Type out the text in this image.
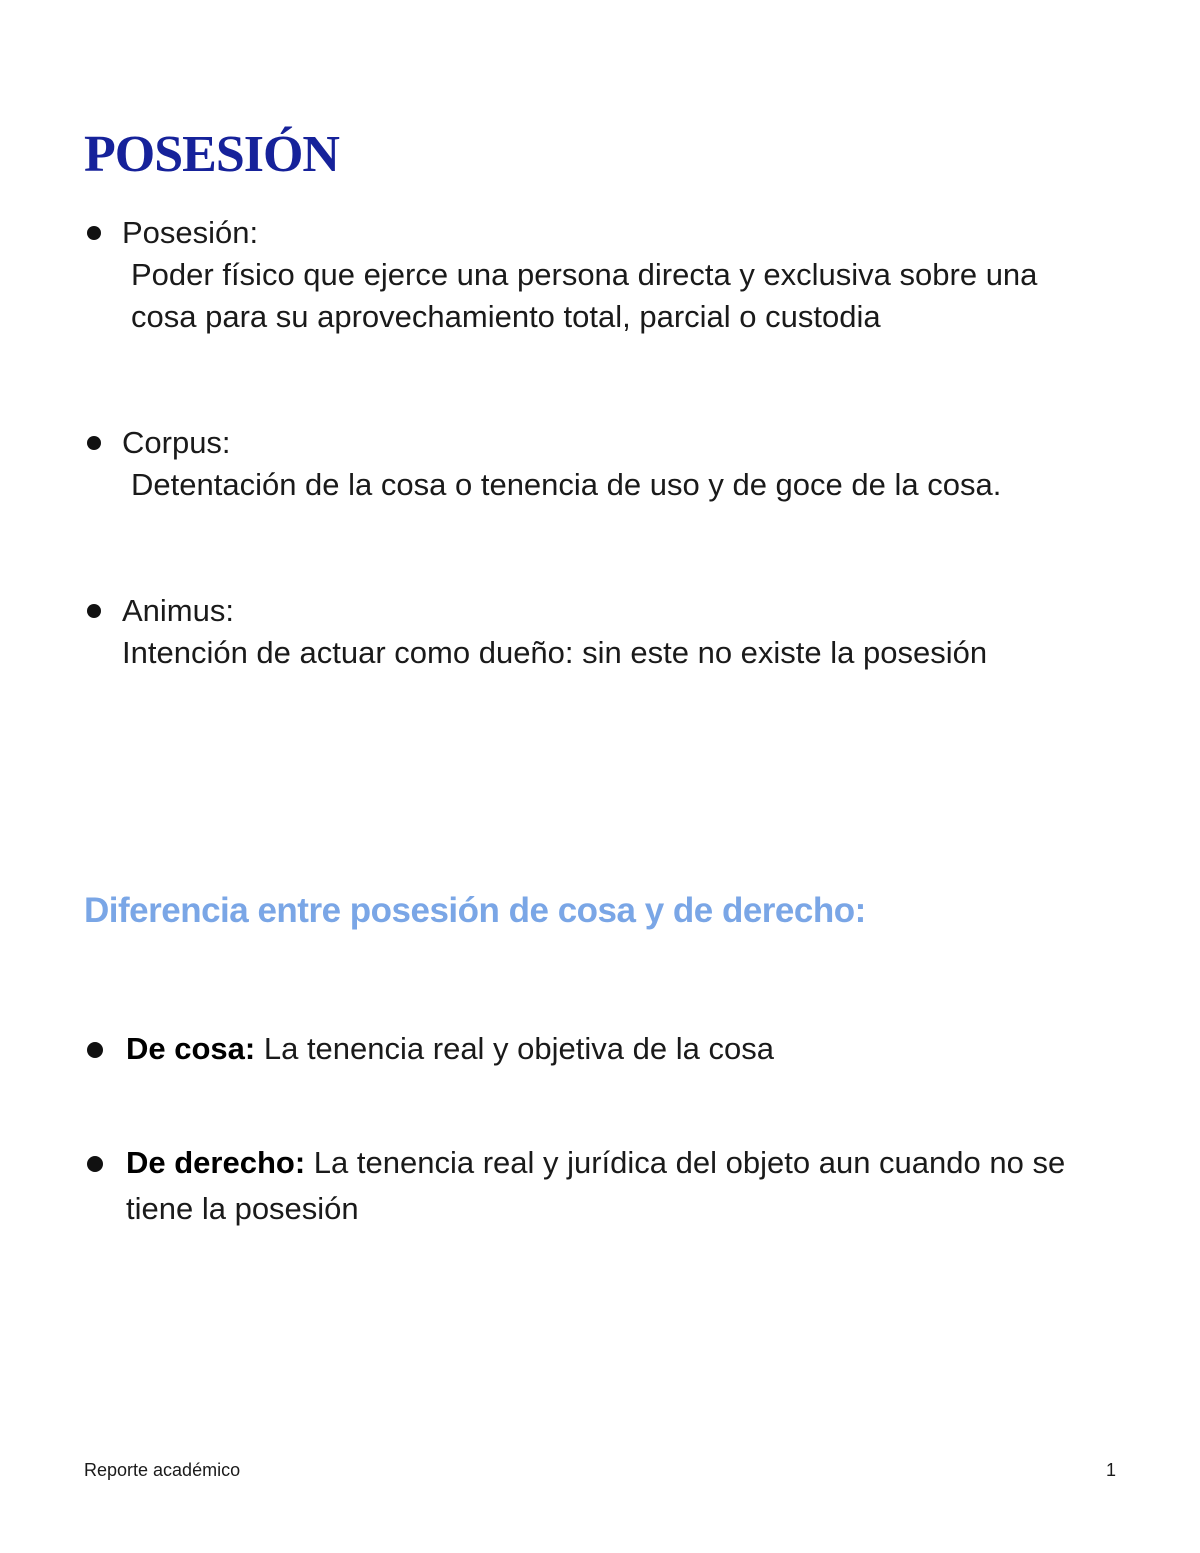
POSESIÓN
Posesión:
Poder físico que ejerce una persona directa y exclusiva sobre una cosa para su aprovechamiento total, parcial o custodia
Corpus:
Detentación de la cosa o tenencia de uso y de goce de la cosa.
Animus:
Intención de actuar como dueño: sin este no existe la posesión
Diferencia entre posesión de cosa y de derecho:
De cosa: La tenencia real y objetiva de la cosa
De derecho: La tenencia real y jurídica del objeto aun cuando no se tiene la posesión
Reporte académico	1
